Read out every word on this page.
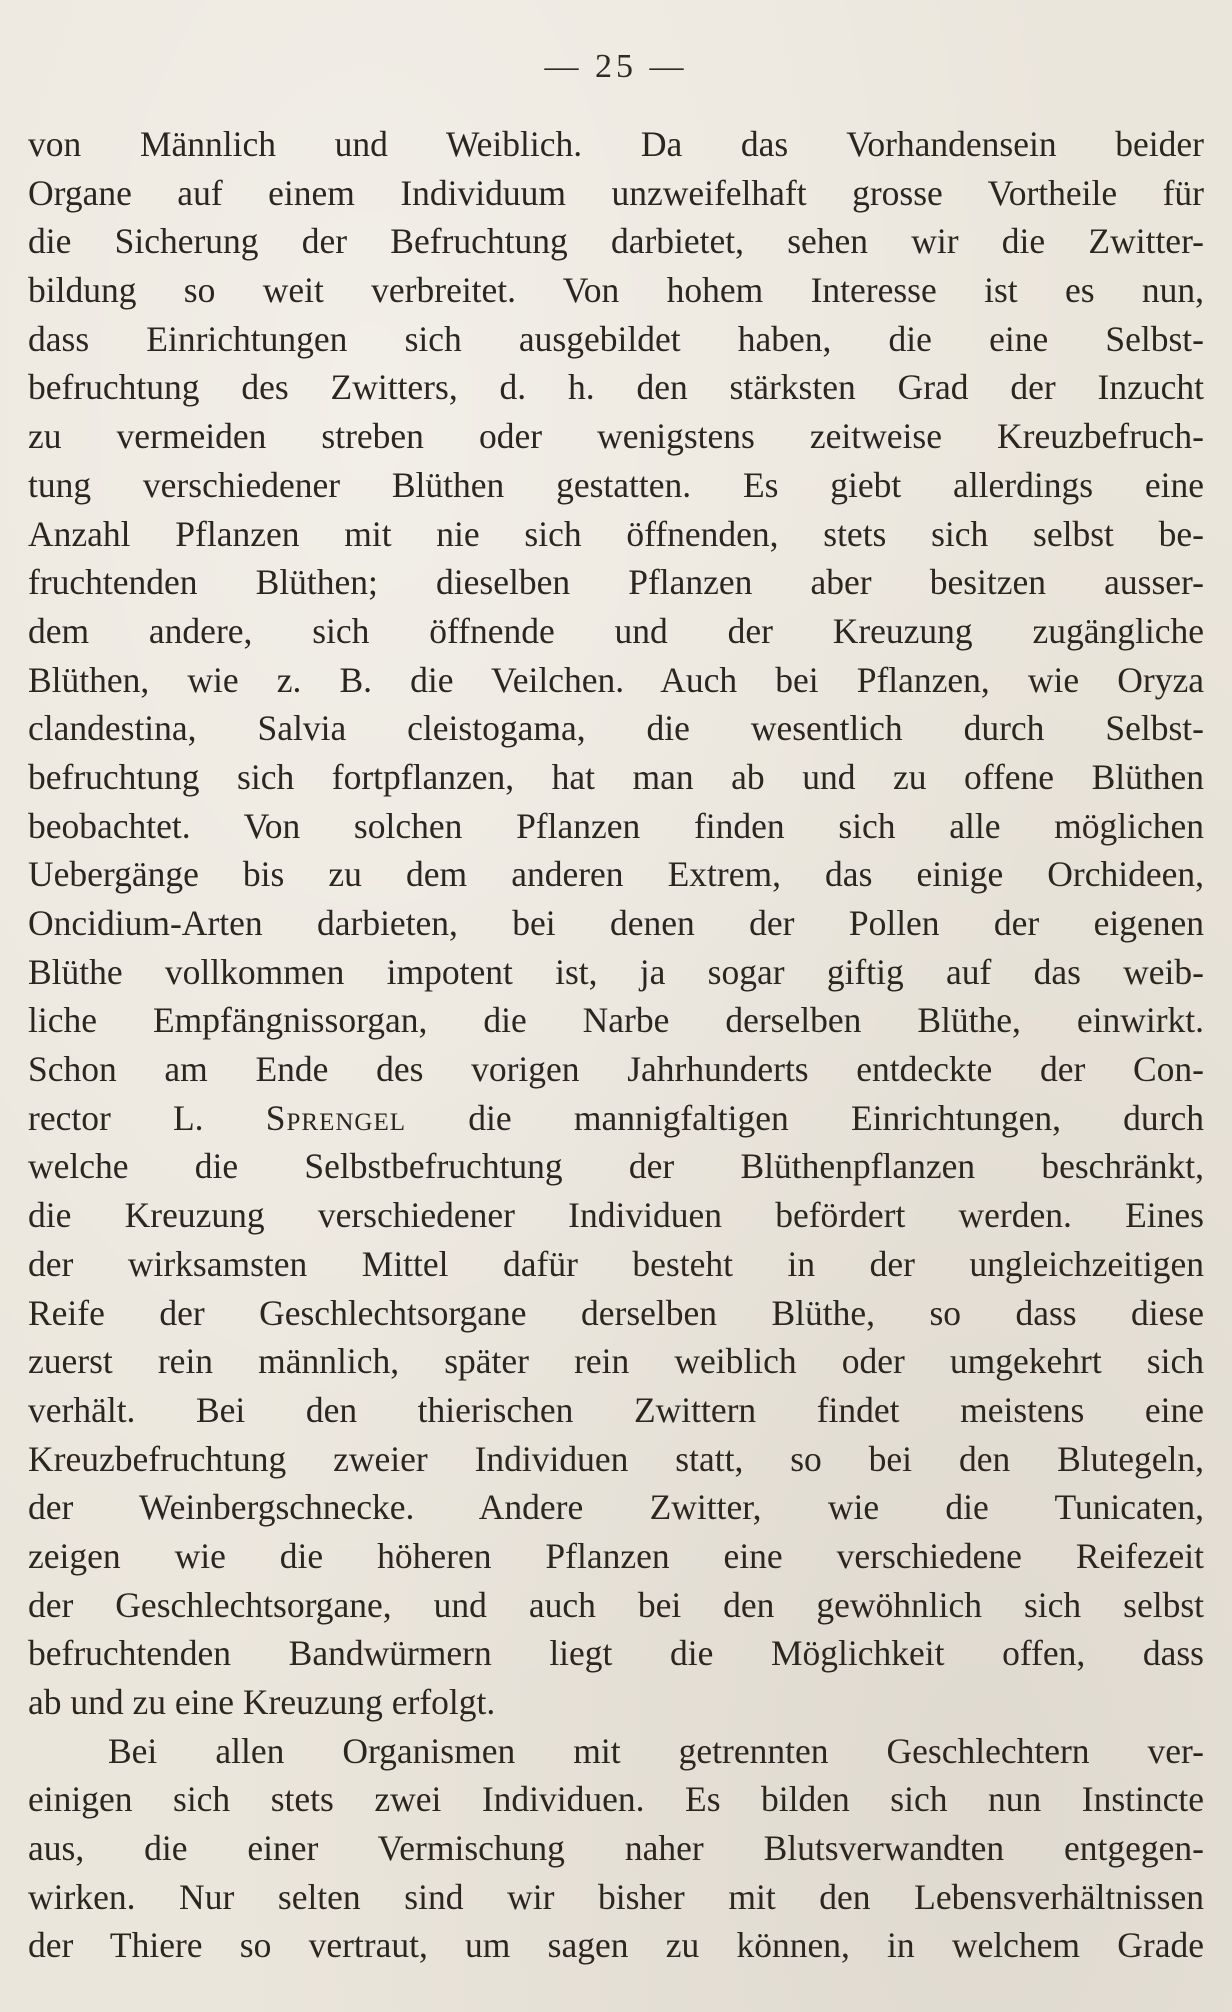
— 25 —
von Männlich und Weiblich. Da das Vorhandensein beider
Organe auf einem Individuum unzweifelhaft grosse Vortheile für
die Sicherung der Befruchtung darbietet, sehen wir die Zwitter-
bildung so weit verbreitet. Von hohem Interesse ist es nun,
dass Einrichtungen sich ausgebildet haben, die eine Selbst-
befruchtung des Zwitters, d. h. den stärksten Grad der Inzucht
zu vermeiden streben oder wenigstens zeitweise Kreuzbefruch-
tung verschiedener Blüthen gestatten. Es giebt allerdings eine
Anzahl Pflanzen mit nie sich öffnenden, stets sich selbst be-
fruchtenden Blüthen; dieselben Pflanzen aber besitzen ausser-
dem andere, sich öffnende und der Kreuzung zugängliche
Blüthen, wie z. B. die Veilchen. Auch bei Pflanzen, wie Oryza
clandestina, Salvia cleistogama, die wesentlich durch Selbst-
befruchtung sich fortpflanzen, hat man ab und zu offene Blüthen
beobachtet. Von solchen Pflanzen finden sich alle möglichen
Uebergänge bis zu dem anderen Extrem, das einige Orchideen,
Oncidium-Arten darbieten, bei denen der Pollen der eigenen
Blüthe vollkommen impotent ist, ja sogar giftig auf das weib-
liche Empfängnissorgan, die Narbe derselben Blüthe, einwirkt.
Schon am Ende des vorigen Jahrhunderts entdeckte der Con-
rector L. Sprengel die mannigfaltigen Einrichtungen, durch
welche die Selbstbefruchtung der Blüthenpflanzen beschränkt,
die Kreuzung verschiedener Individuen befördert werden. Eines
der wirksamsten Mittel dafür besteht in der ungleichzeitigen
Reife der Geschlechtsorgane derselben Blüthe, so dass diese
zuerst rein männlich, später rein weiblich oder umgekehrt sich
verhält. Bei den thierischen Zwittern findet meistens eine
Kreuzbefruchtung zweier Individuen statt, so bei den Blutegeln,
der Weinbergschnecke. Andere Zwitter, wie die Tunicaten,
zeigen wie die höheren Pflanzen eine verschiedene Reifezeit
der Geschlechtsorgane, und auch bei den gewöhnlich sich selbst
befruchtenden Bandwürmern liegt die Möglichkeit offen, dass
ab und zu eine Kreuzung erfolgt.
Bei allen Organismen mit getrennten Geschlechtern ver-
einigen sich stets zwei Individuen. Es bilden sich nun Instincte
aus, die einer Vermischung naher Blutsverwandten entgegen-
wirken. Nur selten sind wir bisher mit den Lebensverhältnissen
der Thiere so vertraut, um sagen zu können, in welchem Grade
